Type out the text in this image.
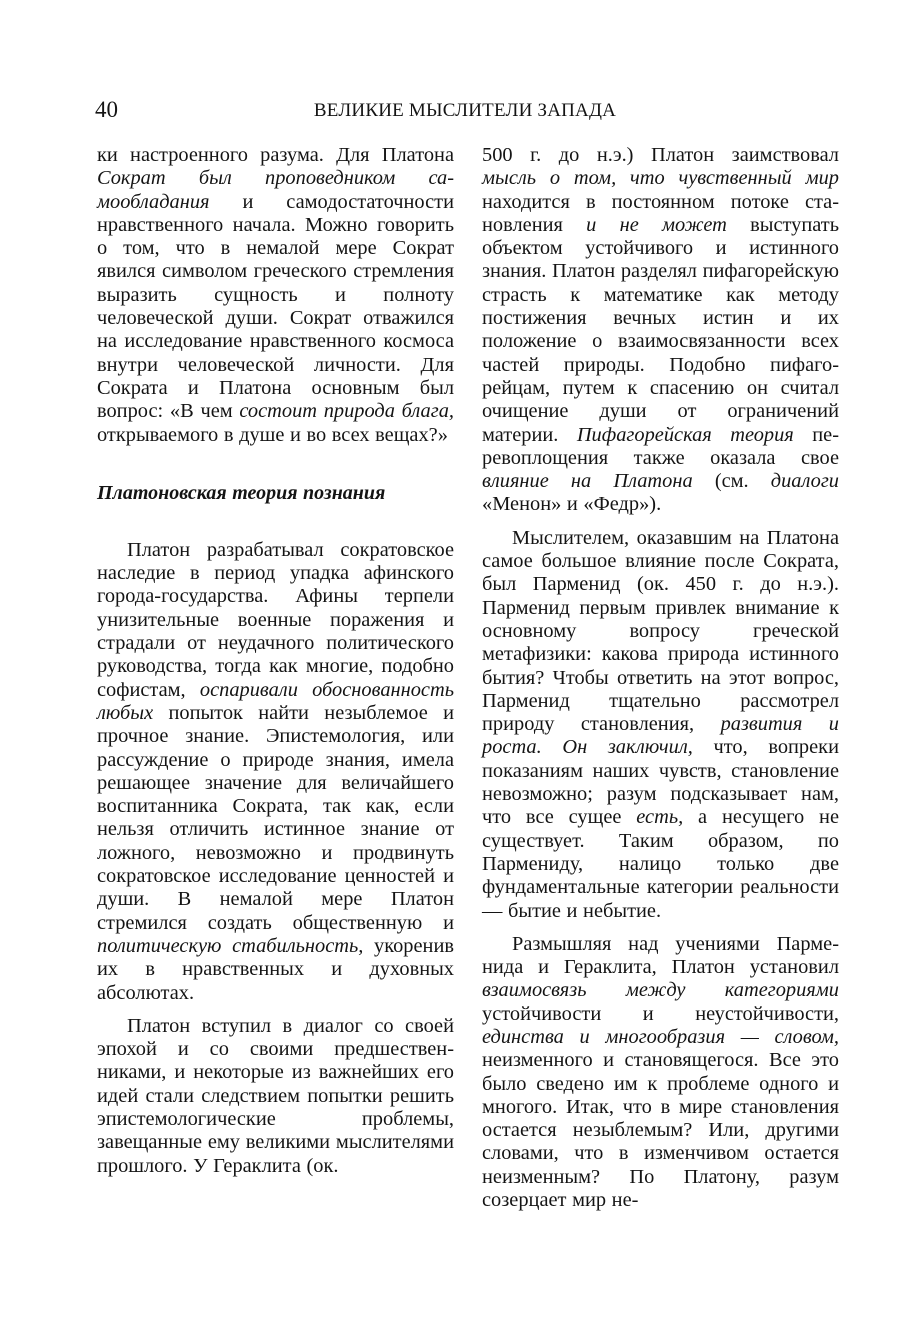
40	ВЕЛИКИЕ МЫСЛИТЕЛИ ЗАПАДА

ки настроенного разума. Для Платона Сократ был проповедником самообладания и самодостаточности нравственного начала. Можно говорить о том, что в немалой мере Сократ явился символом греческого стремления выразить сущность и полноту человеческой души. Сократ отважился на исследование нравственного космоса внутри человеческой личности. Для Сократа и Платона основным был вопрос: «В чем состоит природа блага, открываемого в душе и во всех вещах?»

Платоновская теория познания

Платон разрабатывал сократовское наследие в период упадка афинского города-государства. Афины терпели унизительные военные поражения и страдали от неудачного политического руководства, тогда как многие, подобно софистам, оспаривали обоснованность любых попыток найти незыблемое и прочное знание. Эпистемология, или рассуждение о природе знания, имела решающее значение для величайшего воспитанника Сократа, так как, если нельзя отличить истинное знание от ложного, невозможно и продвинуть сократовское исследование ценностей и души. В немалой мере Платон стремился создать общественную и политическую стабильность, укоренив их в нравственных и духовных абсолютах.

Платон вступил в диалог со своей эпохой и со своими предшественниками, и некоторые из важнейших его идей стали следствием попытки решить эпистемологические проблемы, завещанные ему великими мыслителями прошлого. У Гераклита (ок.

500 г. до н.э.) Платон заимствовал мысль о том, что чувственный мир находится в постоянном потоке становления и не может выступать объектом устойчивого и истинного знания. Платон разделял пифагорейскую страсть к математике как методу постижения вечных истин и их положение о взаимосвязанности всех частей природы. Подобно пифагорейцам, путем к спасению он считал очищение души от ограничений материи. Пифагорейская теория перевоплощения также оказала свое влияние на Платона (см. диалоги «Менон» и «Федр»).

Мыслителем, оказавшим на Платона самое большое влияние после Сократа, был Парменид (ок. 450 г. до н.э.). Парменид первым привлек внимание к основному вопросу греческой метафизики: какова природа истинного бытия? Чтобы ответить на этот вопрос, Парменид тщательно рассмотрел природу становления, развития и роста. Он заключил, что, вопреки показаниям наших чувств, становление невозможно; разум подсказывает нам, что все сущее есть, а несущего не существует. Таким образом, по Пармениду, налицо только две фундаментальные категории реальности — бытие и небытие.

Размышляя над учениями Парменида и Гераклита, Платон установил взаимосвязь между категориями устойчивости и неустойчивости, единства и многообразия — словом, неизменного и становящегося. Все это было сведено им к проблеме одного и многого. Итак, что в мире становления остается незыблемым? Или, другими словами, что в изменчивом остается неизменным? По Платону, разум созерцает мир не-
